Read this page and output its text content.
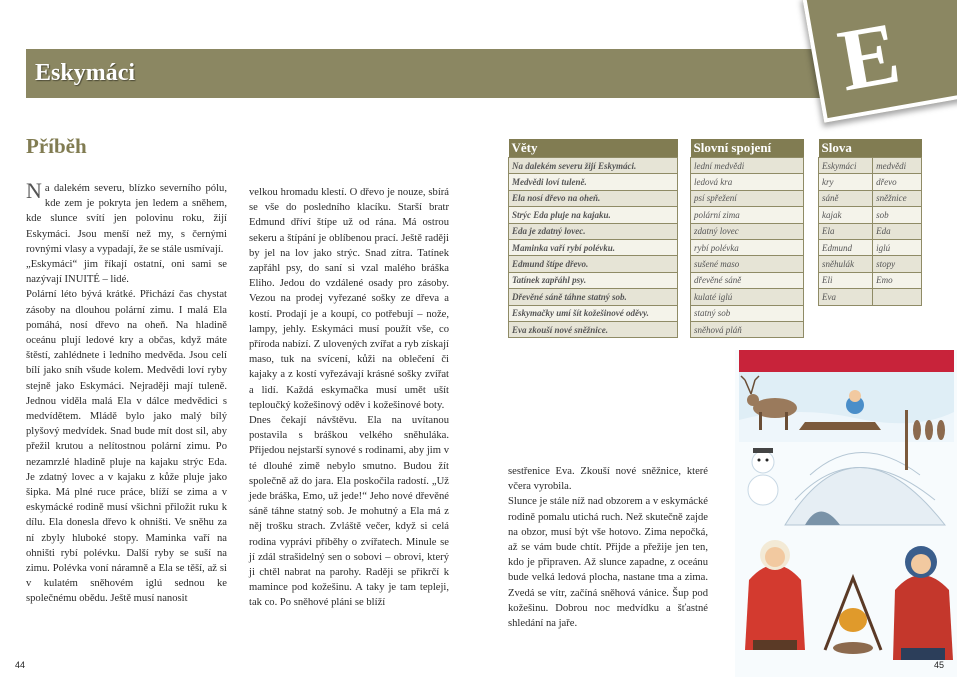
Eskymáci	E
Příběh

Na dalekém severu, blízko severního pólu, kde zem je pokryta jen ledem a sněhem, kde slunce svítí jen polovinu roku, žijí Eskymáci. Jsou menší než my, s černými rovnými vlasy a vypadají, že se stále usmívají.

„Eskymáci“ jim říkají ostatní, oni sami se nazývají INUITÉ – lidé.

Polární léto bývá krátké. Přichází čas chystat zásoby na dlouhou polární zimu. I malá Ela pomáhá, nosí dřevo na oheň. Na hladině oceánu plují ledové kry a občas, když máte štěstí, zahlédnete i ledního medvěda. Jsou celí bílí jako sníh všude kolem. Medvědi loví ryby stejně jako Eskymáci. Nejraději mají tuleně. Jednou viděla malá Ela v dálce medvědici s medvídětem. Mládě bylo jako malý bílý plyšový medvídek. Snad bude mít dost sil, aby přežil krutou a nelítostnou polární zimu. Po nezamrzlé hladině pluje na kajaku strýc Eda. Je zdatný lovec a v kajaku z kůže pluje jako šipka. Má plné ruce práce, blíží se zima a v eskymácké rodině musí všichni přiložit ruku k dílu. Ela donesla dřevo k ohništi. Ve sněhu za ní zbyly hluboké stopy. Maminka vaří na ohništi rybí polévku. Další ryby se suší na zimu. Polévka voní náramně a Ela se těší, až si v kulatém sněhovém iglú sednou ke společnému obědu. Ještě musí nanosit

velkou hromadu klestí. O dřevo je nouze, sbírá se vše do posledního klacíku. Starší bratr Edmund dříví štípe už od rána. Má ostrou sekeru a štípání je oblíbenou prací. Ještě raději by jel na lov jako strýc. Snad zítra. Tatínek zapřáhl psy, do saní si vzal malého bráška Eliho. Jedou do vzdálené osady pro zásoby. Vezou na prodej vyřezané sošky ze dřeva a kostí. Prodají je a koupí, co potřebují – nože, lampy, jehly. Eskymáci musí použít vše, co příroda nabízí. Z ulovených zvířat a ryb získají maso, tuk na svícení, kůži na oblečení či kajaky a z kostí vyřezávají krásné sošky zvířat a lidí. Každá eskymačka musí umět ušít teploučký kožešinový oděv i kožešinové boty.

Dnes čekají návštěvu. Ela na uvítanou postavila s bráškou velkého sněhuláka. Přijedou nejstarší synové s rodinami, aby jim v té dlouhé zimě nebylo smutno. Budou žít společně až do jara. Ela poskočila radostí. „Už jede bráška, Emo, už jede!“ Jeho nové dřevěné sáně táhne statný sob. Je mohutný a Ela má z něj trošku strach. Zvláště večer, když si celá rodina vyprávi příběhy o zvířatech. Minule se jí zdál strašidelný sen o sobovi – obrovi, který ji chtěl nabrat na parohy. Raději se přikrčí k mamince pod kožešinu. A taky je tam tepleji, tak co. Po sněhové pláni se blíží

sestřenice Eva. Zkouší nové sněžnice, které včera vyrobila.

Slunce je stále níž nad obzorem a v eskymácké rodině pomalu utichá ruch. Než skutečně zajde na obzor, musí být vše hotovo. Zima nepočká, až se vám bude chtít. Přijde a přežije jen ten, kdo je připraven. Až slunce zapadne, z oceánu bude velká ledová plocha, nastane tma a zima. Zvedá se vítr, začíná sněhová vánice. Šup pod kožešinu. Dobrou noc medvídku a šťastné shledání na jaře.

Věty
Na dalekém severu žijí Eskymáci.
Medvědi loví tuleně.
Ela nosí dřevo na oheň.
Strýc Eda pluje na kajaku.
Eda je zdatný lovec.
Maminka vaří rybí polévku.
Edmund štípe dřevo.
Tatínek zapřáhl psy.
Dřevěné sáně táhne statný sob.
Eskymačky umí šít kožešinové oděvy.
Eva zkouší nové sněžnice.
Slovní spojení
lední medvědi
ledová kra
psí spřežení
polární zima
zdatný lovec
rybí polévka
sušené maso
dřevěné sáně
kulaté iglú
statný sob
sněhová pláň
Slova	
Eskymáci	medvědi
kry	dřevo
sáně	sněžnice
kajak	sob
Ela	Eda
Edmund	iglú
sněhulák	stopy
Eli	Emo
Eva	
44	45
